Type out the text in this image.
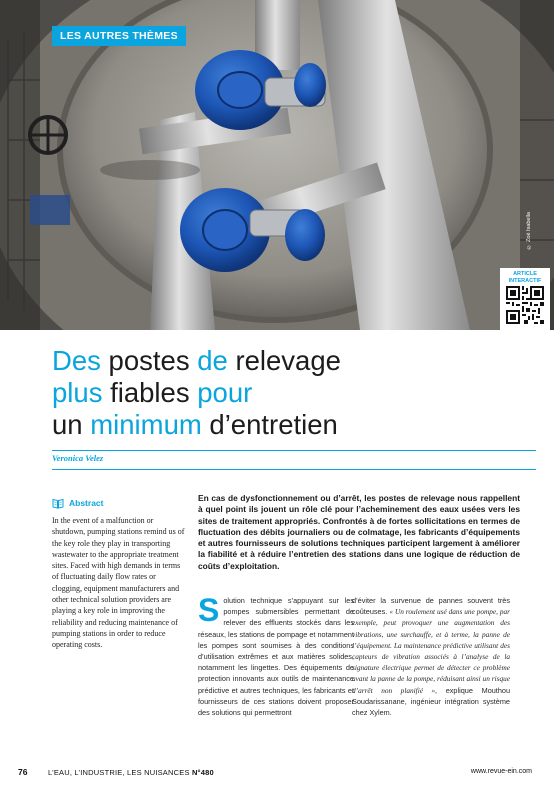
LES AUTRES THÈMES
© Zoé Isabella
ARTICLE
INTERACTIF
Des postes de relevage
plus fiables pour
un minimum d’entretien
Veronica Velez
Abstract

In the event of a malfunction or shutdown, pumping stations remind us of the key role they play in transporting wastewater to the appropriate treatment sites. Faced with high demands in terms of fluctuating daily flow rates or clogging, equipment manufacturers and other technical solution providers are playing a key role in improving the reliability and reducing maintenance of pumping stations in order to reduce operating costs.

En cas de dysfonctionnement ou d’arrêt, les postes de relevage nous rappellent à quel point ils jouent un rôle clé pour l’acheminement des eaux usées vers les sites de traitement appropriés. Confrontés à de fortes sollicitations en termes de fluctuation des débits journaliers ou de colmatage, les fabricants d’équipements et autres fournisseurs de solutions techniques participent largement à améliorer la fiabilité et à réduire l’entretien des stations dans une logique de réduction de coûts d’exploitation.

Solution technique s’appuyant sur les pompes submersibles permettant de relever des effluents stockés dans les réseaux, les stations de pompage et notamment les pompes sont soumises à des conditions d’utilisation extrêmes et aux matières solides, notamment les lingettes. Des équipements de protection innovants aux outils de maintenance prédictive et autres techniques, les fabricants et fournisseurs de ces stations doivent proposer des solutions qui permettront
d’éviter la survenue de pannes souvent très coûteuses. « Un roulement usé dans une pompe, par exemple, peut provoquer une augmentation des vibrations, une surchauffe, et à terme, la panne de l’équipement. La maintenance prédictive utilisant des capteurs de vibration associés à l’analyse de la signature électrique permet de détecter ce problème avant la panne de la pompe, réduisant ainsi un risque d’arrêt non planifié », explique Mouthou Soudarissanane, ingénieur intégration système chez Xylem.
76	L’EAU, L’INDUSTRIE, LES NUISANCES N°480	www.revue-ein.com
